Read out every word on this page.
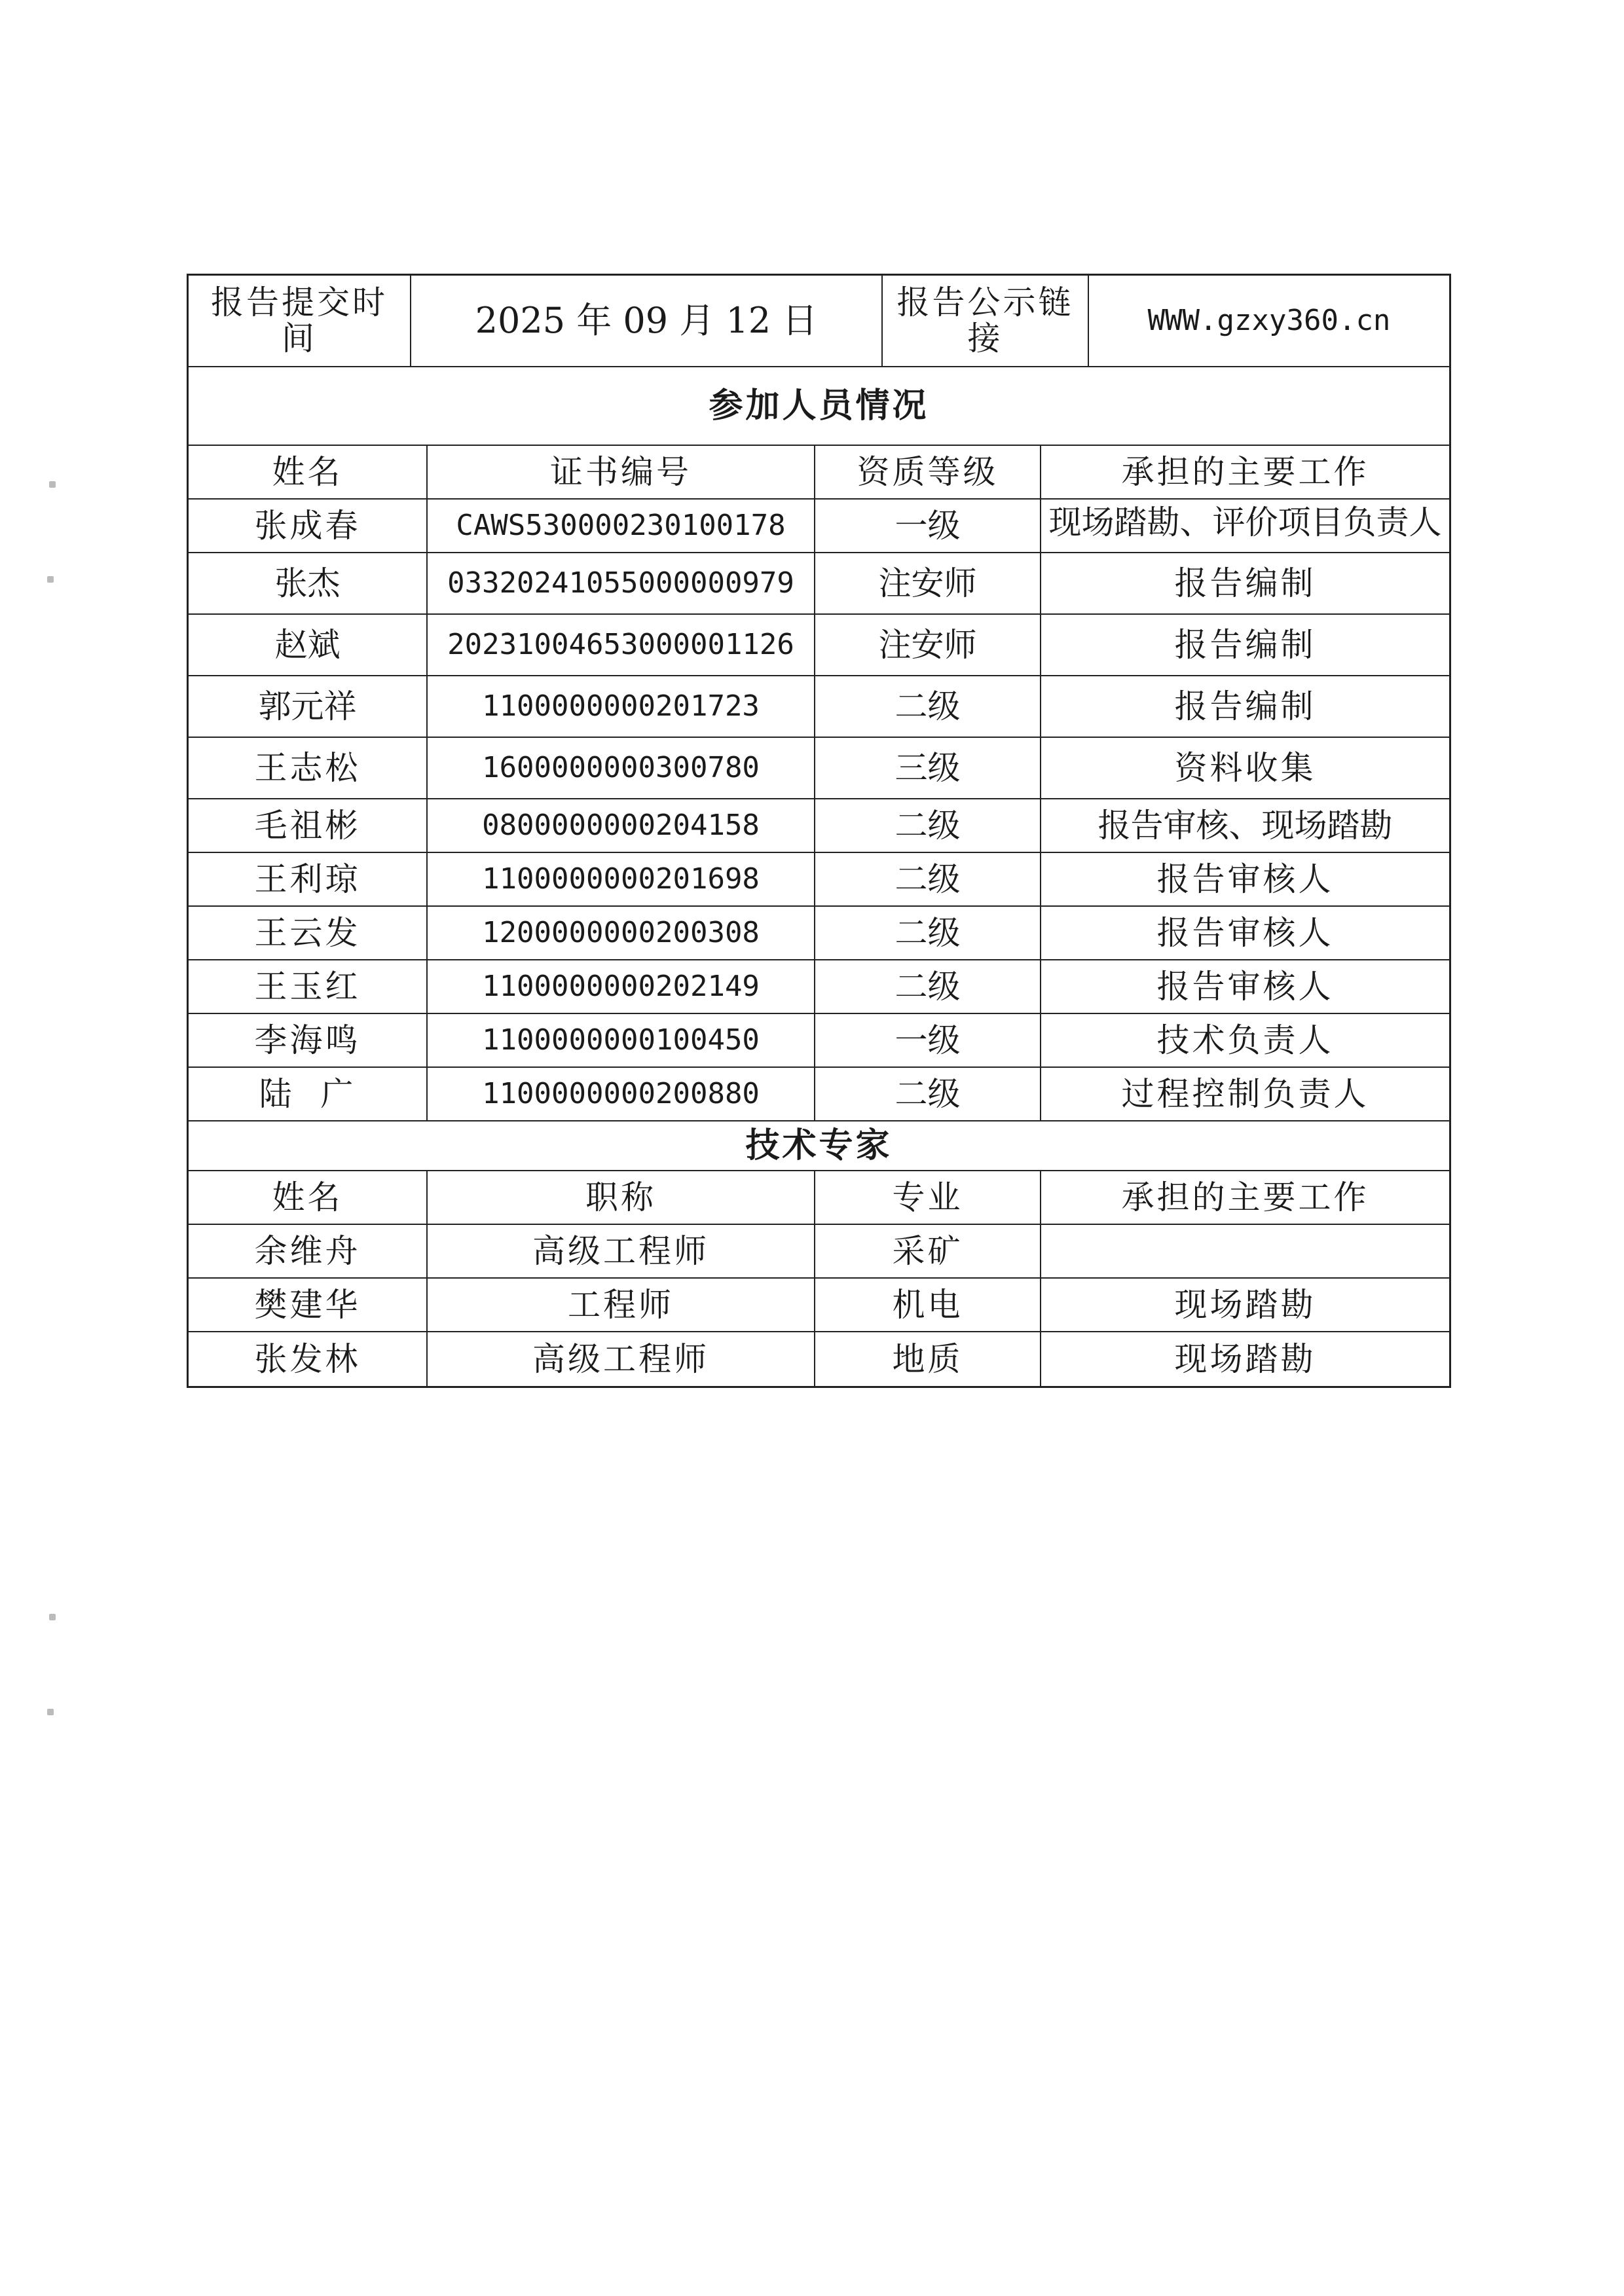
报告提交时间	2025 年 09 月 12 日	报告公示链接	WWW.gzxy360.cn
参加人员情况
姓名	证书编号	资质等级	承担的主要工作
张成春	CAWS530000230100178	一级	现场踏勘、评价项目负责人
张杰	03320241055000000979	注安师	报告编制
赵斌	20231004653000001126	注安师	报告编制
郭元祥	1100000000201723	二级	报告编制
王志松	1600000000300780	三级	资料收集
毛祖彬	0800000000204158	二级	报告审核、现场踏勘
王利琼	1100000000201698	二级	报告审核人
王云发	1200000000200308	二级	报告审核人
王玉红	1100000000202149	二级	报告审核人
李海鸣	1100000000100450	一级	技术负责人
陆  广	1100000000200880	二级	过程控制负责人
技术专家
姓名	职称	专业	承担的主要工作
余维舟	高级工程师	采矿
樊建华	工程师	机电	现场踏勘
张发林	高级工程师	地质	现场踏勘
